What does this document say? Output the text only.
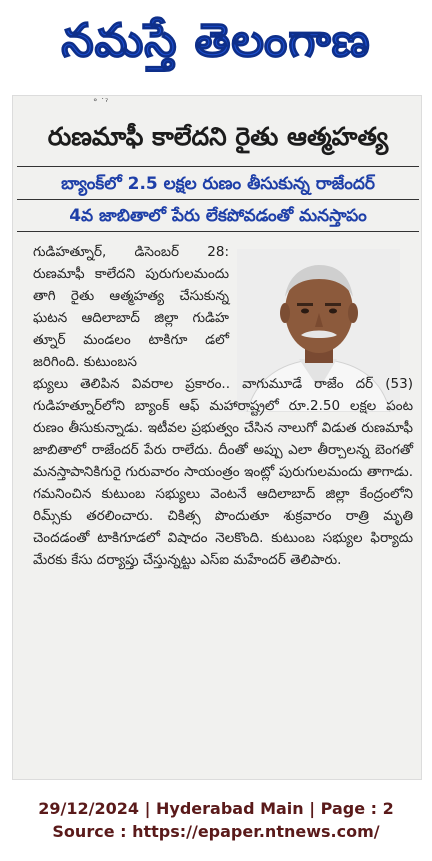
నమస్తే తెలంగాణ
° ˙ˀ
రుణమాఫీ కాలేదని రైతు ఆత్మహత్య
బ్యాంక్‌లో 2.5 లక్షల రుణం తీసుకున్న రాజేందర్
4వ జాబితాలో పేరు లేకపోవడంతో మనస్తాపం

గుడిహత్నూర్, డిసెంబర్ 28: రుణమాఫీ కాలేదని పురుగులమందు తాగి రైతు ఆత్మహత్య చేసుకున్న ఘటన ఆదిలాబాద్ జిల్లా గుడిహ త్నూర్ మండలం టాకిగూ డలో జరిగింది. కుటుంబస

భ్యులు తెలిపిన వివరాల ప్రకారం.. వాగుమూడే రాజేం దర్ (53) గుడిహత్నూర్‌లోని బ్యాంక్ ఆఫ్ మహారాష్ట్రలో రూ.2.50 లక్షల పంట రుణం తీసుకున్నాడు. ఇటీవల ప్రభుత్వం చేసిన నాలుగో విడుత రుణమాఫీ జాబితాలో రాజేందర్ పేరు రాలేదు. దీంతో అప్పు ఎలా తీర్చాలన్న బెంగతో మనస్తాపానికిగురై గురువారం సాయంత్రం ఇంట్లో పురుగులమందు తాగాడు. గమనించిన కుటుంబ సభ్యులు వెంటనే ఆదిలాబాద్ జిల్లా కేంద్రంలోని రిమ్స్‌కు తరలించారు. చికిత్స పొందుతూ శుక్రవారం రాత్రి మృతి చెందడంతో టాకిగూడలో విషాదం నెలకొంది. కుటుంబ సభ్యుల ఫిర్యాదు మేరకు కేసు దర్యాప్తు చేస్తున్నట్టు ఎస్ఐ మహేందర్ తెలిపారు.

29/12/2024 | Hyderabad Main | Page : 2
Source : https://epaper.ntnews.com/
